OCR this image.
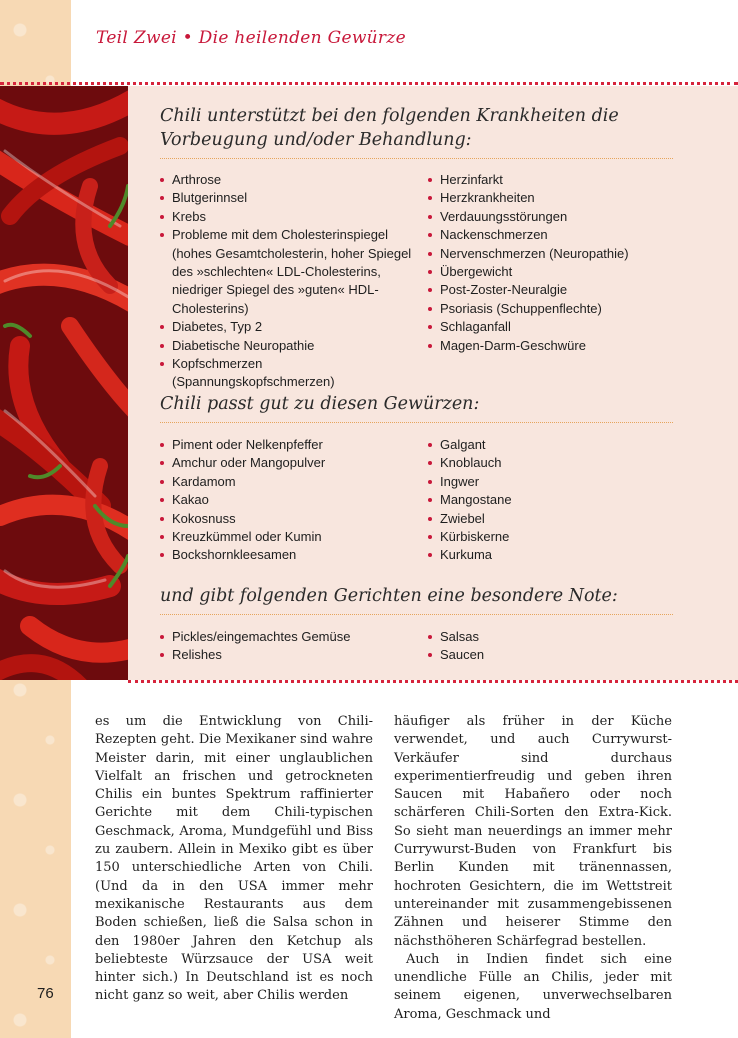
Teil Zwei • Die heilenden Gewürze
Chili unterstützt bei den folgenden Krankheiten die Vorbeugung und/oder Behandlung:
Arthrose
Blutgerinnsel
Krebs
Probleme mit dem Cholesterinspiegel (hohes Gesamtcholesterin, hoher Spiegel des »schlechten« LDL-Cholesterins, niedriger Spiegel des »guten« HDL-Cholesterins)
Diabetes, Typ 2
Diabetische Neuropathie
Kopfschmerzen (Spannungskopfschmerzen)
Herzinfarkt
Herzkrankheiten
Verdauungsstörungen
Nackenschmerzen
Nervenschmerzen (Neuropathie)
Übergewicht
Post-Zoster-Neuralgie
Psoriasis (Schuppenflechte)
Schlaganfall
Magen-Darm-Geschwüre
Chili passt gut zu diesen Gewürzen:
Piment oder Nelkenpfeffer
Amchur oder Mangopulver
Kardamom
Kakao
Kokosnuss
Kreuzkümmel oder Kumin
Bockshornkleesamen
Galgant
Knoblauch
Ingwer
Mangostane
Zwiebel
Kürbiskerne
Kurkuma
und gibt folgenden Gerichten eine besondere Note:
Pickles/eingemachtes Gemüse
Relishes
Salsas
Saucen

es um die Entwicklung von Chili-Rezepten geht. Die Mexikaner sind wahre Meister darin, mit einer unglaublichen Vielfalt an frischen und getrockneten Chilis ein buntes Spektrum raffinierter Gerichte mit dem Chili-typischen Geschmack, Aroma, Mundgefühl und Biss zu zaubern. Allein in Mexiko gibt es über 150 unterschiedliche Arten von Chili. (Und da in den USA immer mehr mexikanische Restaurants aus dem Boden schießen, ließ die Salsa schon in den 1980er Jahren den Ketchup als beliebteste Würzsauce der USA weit hinter sich.) In Deutschland ist es noch nicht ganz so weit, aber Chilis werden

häufiger als früher in der Küche verwendet, und auch Currywurst-Verkäufer sind durchaus experimentierfreudig und geben ihren Saucen mit Habañero oder noch schärferen Chili-Sorten den Extra-Kick. So sieht man neuerdings an immer mehr Currywurst-Buden von Frankfurt bis Berlin Kunden mit tränennassen, hochroten Gesichtern, die im Wettstreit untereinander mit zusammengebissenen Zähnen und heiserer Stimme den nächsthöheren Schärfegrad bestellen.

Auch in Indien findet sich eine unendliche Fülle an Chilis, jeder mit seinem eigenen, unverwechselbaren Aroma, Geschmack und

76
